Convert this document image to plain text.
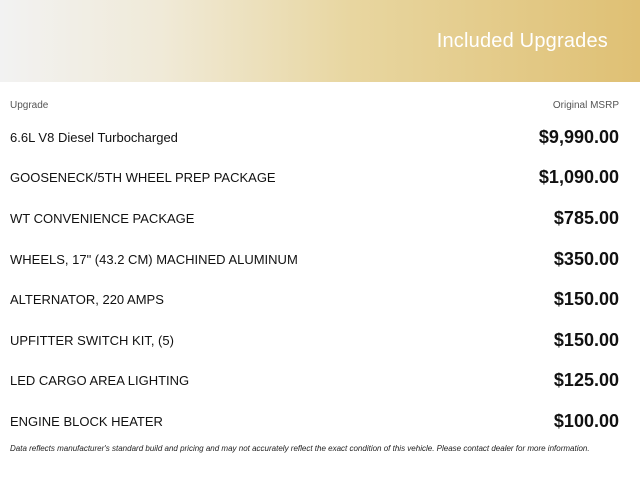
Included Upgrades
Upgrade	Original MSRP
6.6L V8 Diesel Turbocharged	$9,990.00
GOOSENECK/5TH WHEEL PREP PACKAGE	$1,090.00
WT CONVENIENCE PACKAGE	$785.00
WHEELS, 17" (43.2 CM) MACHINED ALUMINUM	$350.00
ALTERNATOR, 220 AMPS	$150.00
UPFITTER SWITCH KIT, (5)	$150.00
LED CARGO AREA LIGHTING	$125.00
ENGINE BLOCK HEATER	$100.00
Data reflects manufacturer's standard build and pricing and may not accurately reflect the exact condition of this vehicle. Please contact dealer for more information.
